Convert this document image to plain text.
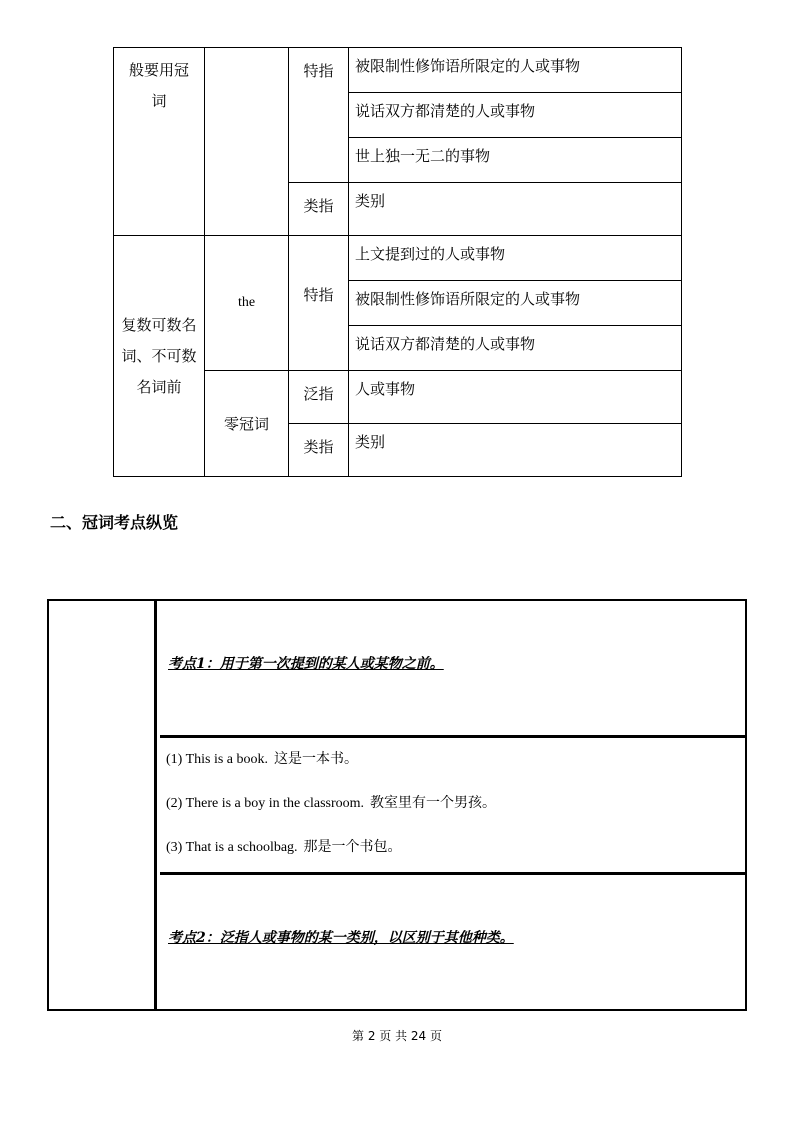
般要用冠词		特指	被限制性修饰语所限定的人或事物
			说话双方都清楚的人或事物
			世上独一无二的事物
		类指	类别

复数可数名词、不可数名词前	the	特指	上文提到过的人或事物
			被限制性修饰语所限定的人或事物
			说话双方都清楚的人或事物
	零冠词	泛指	人或事物
		类指	类别
二、冠词考点纵览

考点1：用于第一次提到的某人或某物之前。

(1) This is a book. 这是一本书。

(2) There is a boy in the classroom. 教室里有一个男孩。

(3) That is a schoolbag. 那是一个书包。

考点2：泛指人或事物的某一类别，以区别于其他种类。

第 2 页 共 24 页
